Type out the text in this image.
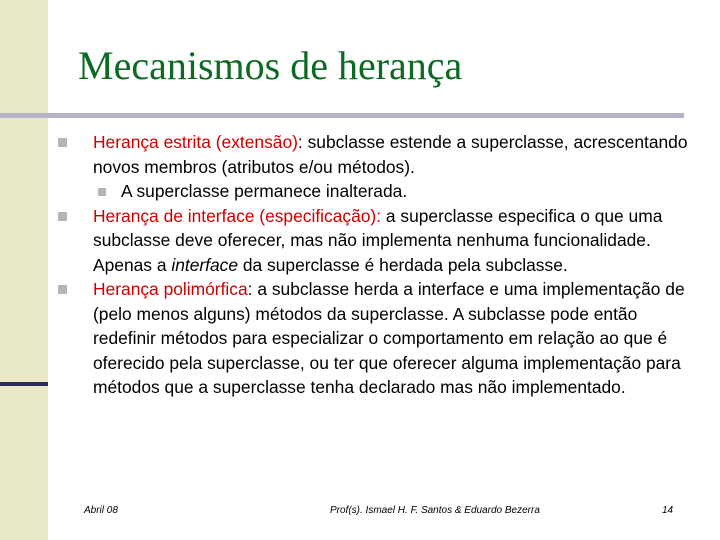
Mecanismos de herança
Herança estrita (extensão): subclasse estende a superclasse, acrescentando novos membros (atributos e/ou métodos).
A superclasse permanece inalterada.
Herança de interface (especificação): a superclasse especifica o que uma subclasse deve oferecer, mas não implementa nenhuma funcionalidade. Apenas a interface da superclasse é herdada pela subclasse.
Herança polimórfica: a subclasse herda a interface e uma implementação de (pelo menos alguns) métodos da superclasse. A subclasse pode então redefinir métodos para especializar o comportamento em relação ao que é oferecido pela superclasse, ou ter que oferecer alguma implementação para métodos que a superclasse tenha declarado mas não implementado.
Abril 08	Prof(s). Ismael H. F. Santos & Eduardo Bezerra	14
